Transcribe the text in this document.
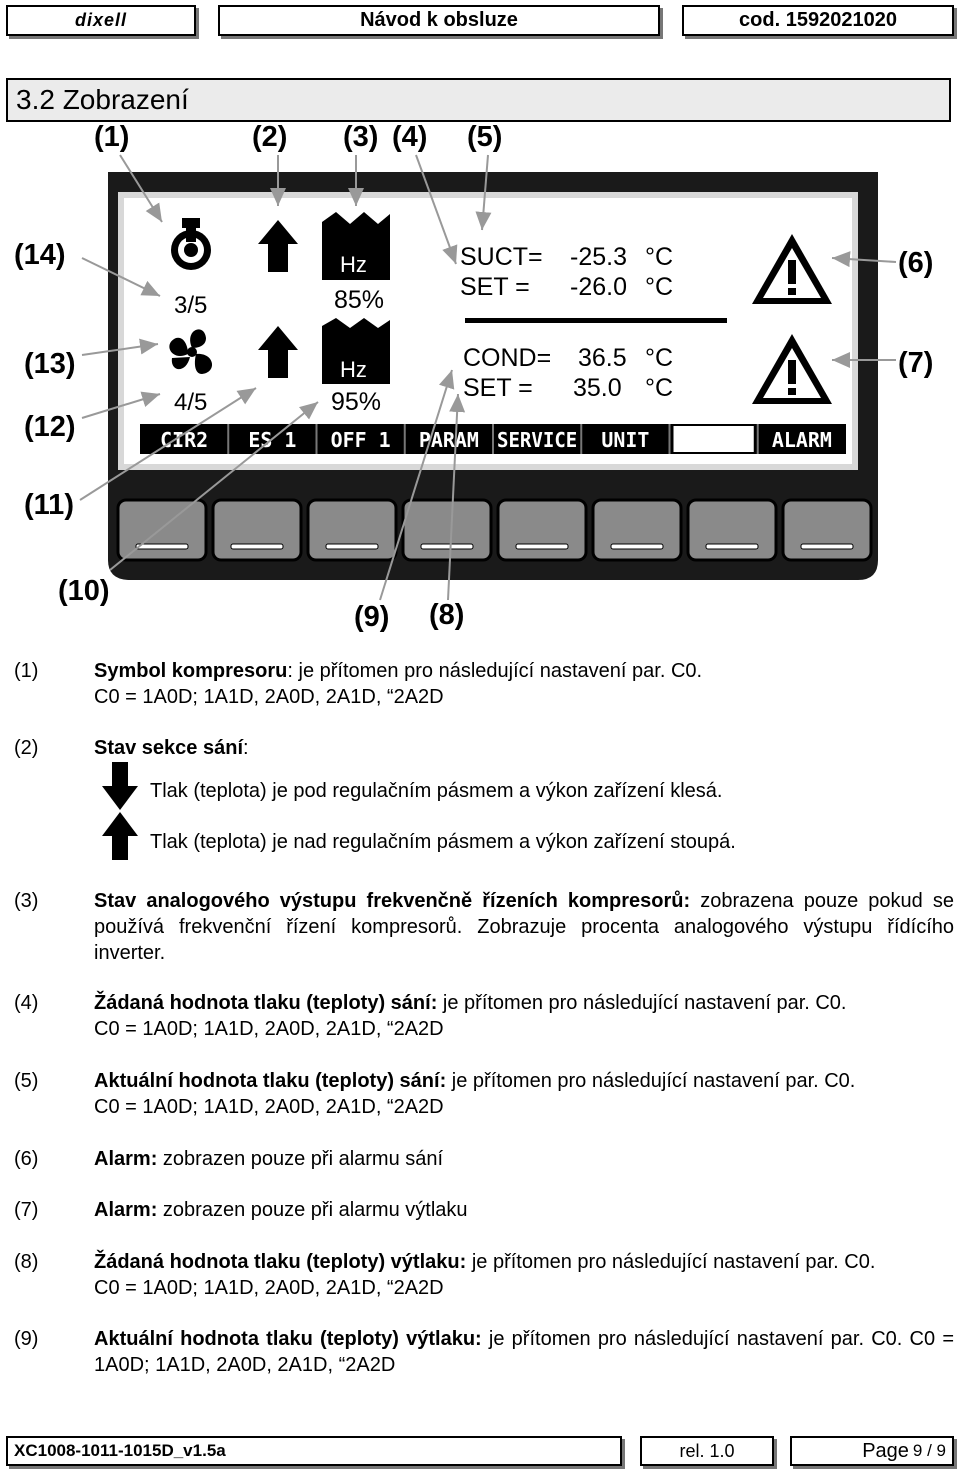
dixell	Návod k obsluze	cod. 1592021020
3.2 Zobrazení
3/5
4/5
Hz
85%
Hz
95%
SUCT= -25.3 °C
SET = -26.0 °C
COND= 36.5 °C
SET = 35.0 °C
CIR2 ES 1 OFF 1 PARAM SERVICE UNIT	ALARM
(1)	(2) (3) (4) (5)
(6)
(7)
(8)
(9)
(10)
(11)
(12)
(13)
(14)
(1)	Symbol kompresoru: je přítomen pro následující nastavení par. C0.
C0 = 1A0D; 1A1D, 2A0D, 2A1D, “2A2D
(2)	Stav sekce sání:
Tlak (teplota) je pod regulačním pásmem a výkon zařízení klesá.
Tlak (teplota) je nad regulačním pásmem a výkon zařízení stoupá.
(3)	Stav analogového výstupu frekvenčně řízeních kompresorů: zobrazena pouze pokud se používá frekvenční řízení kompresorů. Zobrazuje procenta analogového výstupu řídícího inverter.
(4)	Žádaná hodnota tlaku (teploty) sání: je přítomen pro následující nastavení par. C0.
C0 = 1A0D; 1A1D, 2A0D, 2A1D, “2A2D
(5)	Aktuální hodnota tlaku (teploty) sání: je přítomen pro následující nastavení par. C0.
C0 = 1A0D; 1A1D, 2A0D, 2A1D, “2A2D
(6)	Alarm: zobrazen pouze při alarmu sání
(7)	Alarm: zobrazen pouze při alarmu výtlaku
(8)	Žádaná hodnota tlaku (teploty) výtlaku: je přítomen pro následující nastavení par. C0.
C0 = 1A0D; 1A1D, 2A0D, 2A1D, “2A2D
(9)	Aktuální hodnota tlaku (teploty) výtlaku: je přítomen pro následující nastavení par. C0. C0 = 1A0D; 1A1D, 2A0D, 2A1D, “2A2D
XC1008-1011-1015D_v1.5a	rel. 1.0	Page 9 / 9
